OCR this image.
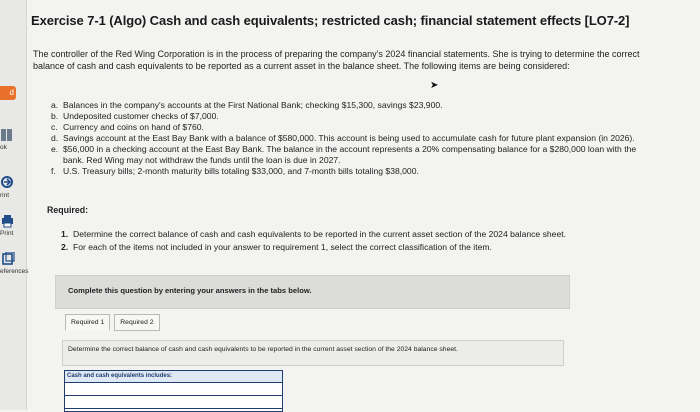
d
ok
rint
Print
eferences
Exercise 7-1 (Algo) Cash and cash equivalents; restricted cash; financial statement effects [LO7-2]
The controller of the Red Wing Corporation is in the process of preparing the company's 2024 financial statements. She is trying to determine the correct balance of cash and cash equivalents to be reported as a current asset in the balance sheet. The following items are being considered:
➤
a. Balances in the company's accounts at the First National Bank; checking $15,300, savings $23,900.
b. Undeposited customer checks of $7,000.
c. Currency and coins on hand of $760.
d. Savings account at the East Bay Bank with a balance of $580,000. This account is being used to accumulate cash for future plant expansion (in 2026).
e. $56,000 in a checking account at the East Bay Bank. The balance in the account represents a 20% compensating balance for a $280,000 loan with the bank. Red Wing may not withdraw the funds until the loan is due in 2027.
f. U.S. Treasury bills; 2-month maturity bills totaling $33,000, and 7-month bills totaling $38,000.
Required:
1. Determine the correct balance of cash and cash equivalents to be reported in the current asset section of the 2024 balance sheet.
2. For each of the items not included in your answer to requirement 1, select the correct classification of the item.
Complete this question by entering your answers in the tabs below.
Required 1	Required 2
Determine the correct balance of cash and cash equivalents to be reported in the current asset section of the 2024 balance sheet.
Cash and cash equivalents includes:
